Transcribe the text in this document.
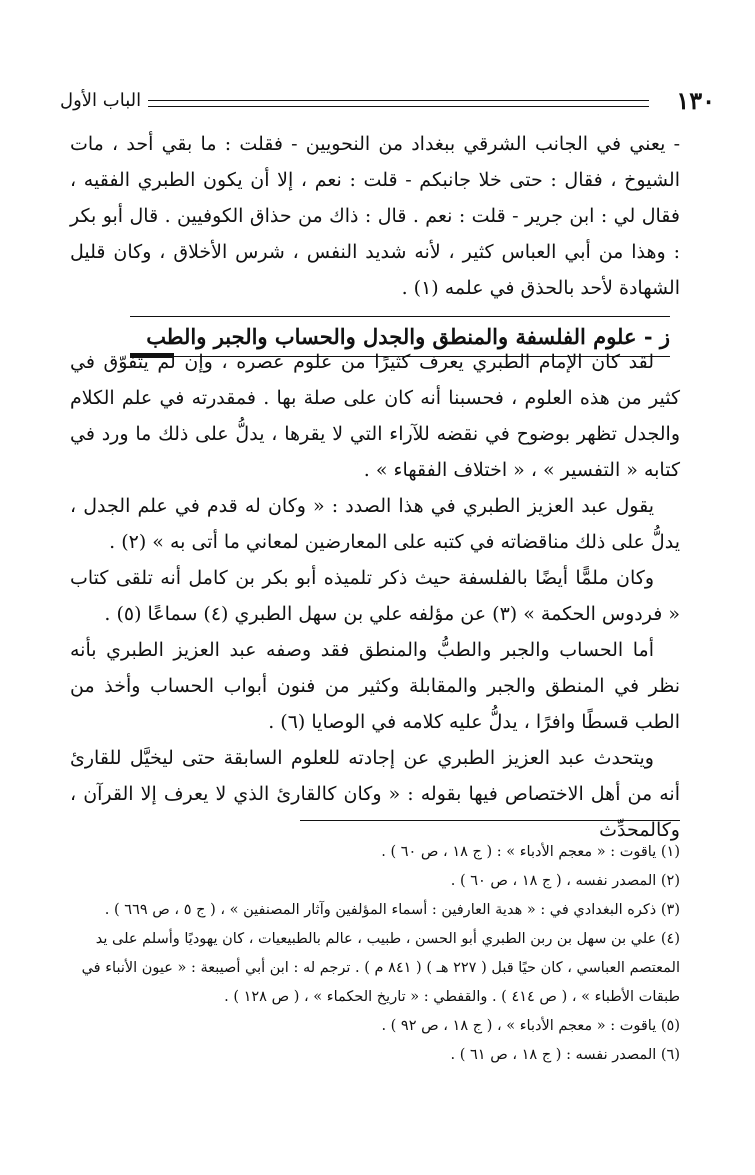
١٣٠
الباب الأول
- يعني في الجانب الشرقي ببغداد من النحويين - فقلت : ما بقي أحد ، مات الشيوخ ، فقال : حتى خلا جانبكم - قلت : نعم ، إلا أن يكون الطبري الفقيه ، فقال لي : ابن جرير - قلت : نعم . قال : ذاك من حذاق الكوفيين . قال أبو بكر : وهذا من أبي العباس كثير ، لأنه شديد النفس ، شرس الأخلاق ، وكان قليل الشهادة لأحد بالحذق في علمه (١) .
ز - علوم الفلسفة والمنطق والجدل والحساب والجبر والطب

لقد كان الإمام الطبري يعرف كثيرًا من علوم عصره ، وإن لم يتفوّق في كثير من هذه العلوم ، فحسبنا أنه كان على صلة بها . فمقدرته في علم الكلام والجدل تظهر بوضوح في نقضه للآراء التي لا يقرها ، يدلُّ على ذلك ما ورد في كتابه « التفسير » ، « اختلاف الفقهاء » .

يقول عبد العزيز الطبري في هذا الصدد : « وكان له قدم في علم الجدل ، يدلُّ على ذلك مناقضاته في كتبه على المعارضين لمعاني ما أتى به » (٢) .

وكان ملمًّا أيضًا بالفلسفة حيث ذكر تلميذه أبو بكر بن كامل أنه تلقى كتاب « فردوس الحكمة » (٣) عن مؤلفه علي بن سهل الطبري (٤) سماعًا (٥) .

أما الحساب والجبر والطبُّ والمنطق فقد وصفه عبد العزيز الطبري بأنه نظر في المنطق والجبر والمقابلة وكثير من فنون أبواب الحساب وأخذ من الطب قسطًا وافرًا ، يدلُّ عليه كلامه في الوصايا (٦) .

ويتحدث عبد العزيز الطبري عن إجادته للعلوم السابقة حتى ليخيَّل للقارئ أنه من أهل الاختصاص فيها بقوله : « وكان كالقارئ الذي لا يعرف إلا القرآن ، وكالمحدِّث

(١) ياقوت : « معجم الأدباء » : ( ج ١٨ ، ص ٦٠ ) .

(٢) المصدر نفسه ، ( ج ١٨ ، ص ٦٠ ) .

(٣) ذكره البغدادي في : « هدية العارفين : أسماء المؤلفين وآثار المصنفين » ، ( ج ٥ ، ص ٦٦٩ ) .

(٤) علي بن سهل بن ربن الطبري أبو الحسن ، طبيب ، عالم بالطبيعيات ، كان يهوديًا وأسلم على يد المعتصم العباسي ، كان حيًا قبل ( ٢٢٧ هـ ) ( ٨٤١ م ) . ترجم له : ابن أبي أصيبعة : « عيون الأنباء في طبقات الأطباء » ، ( ص ٤١٤ ) . والقفطي : « تاريخ الحكماء » ، ( ص ١٢٨ ) .

(٥) ياقوت : « معجم الأدباء » ، ( ج ١٨ ، ص ٩٢ ) .

(٦) المصدر نفسه : ( ج ١٨ ، ص ٦١ ) .
